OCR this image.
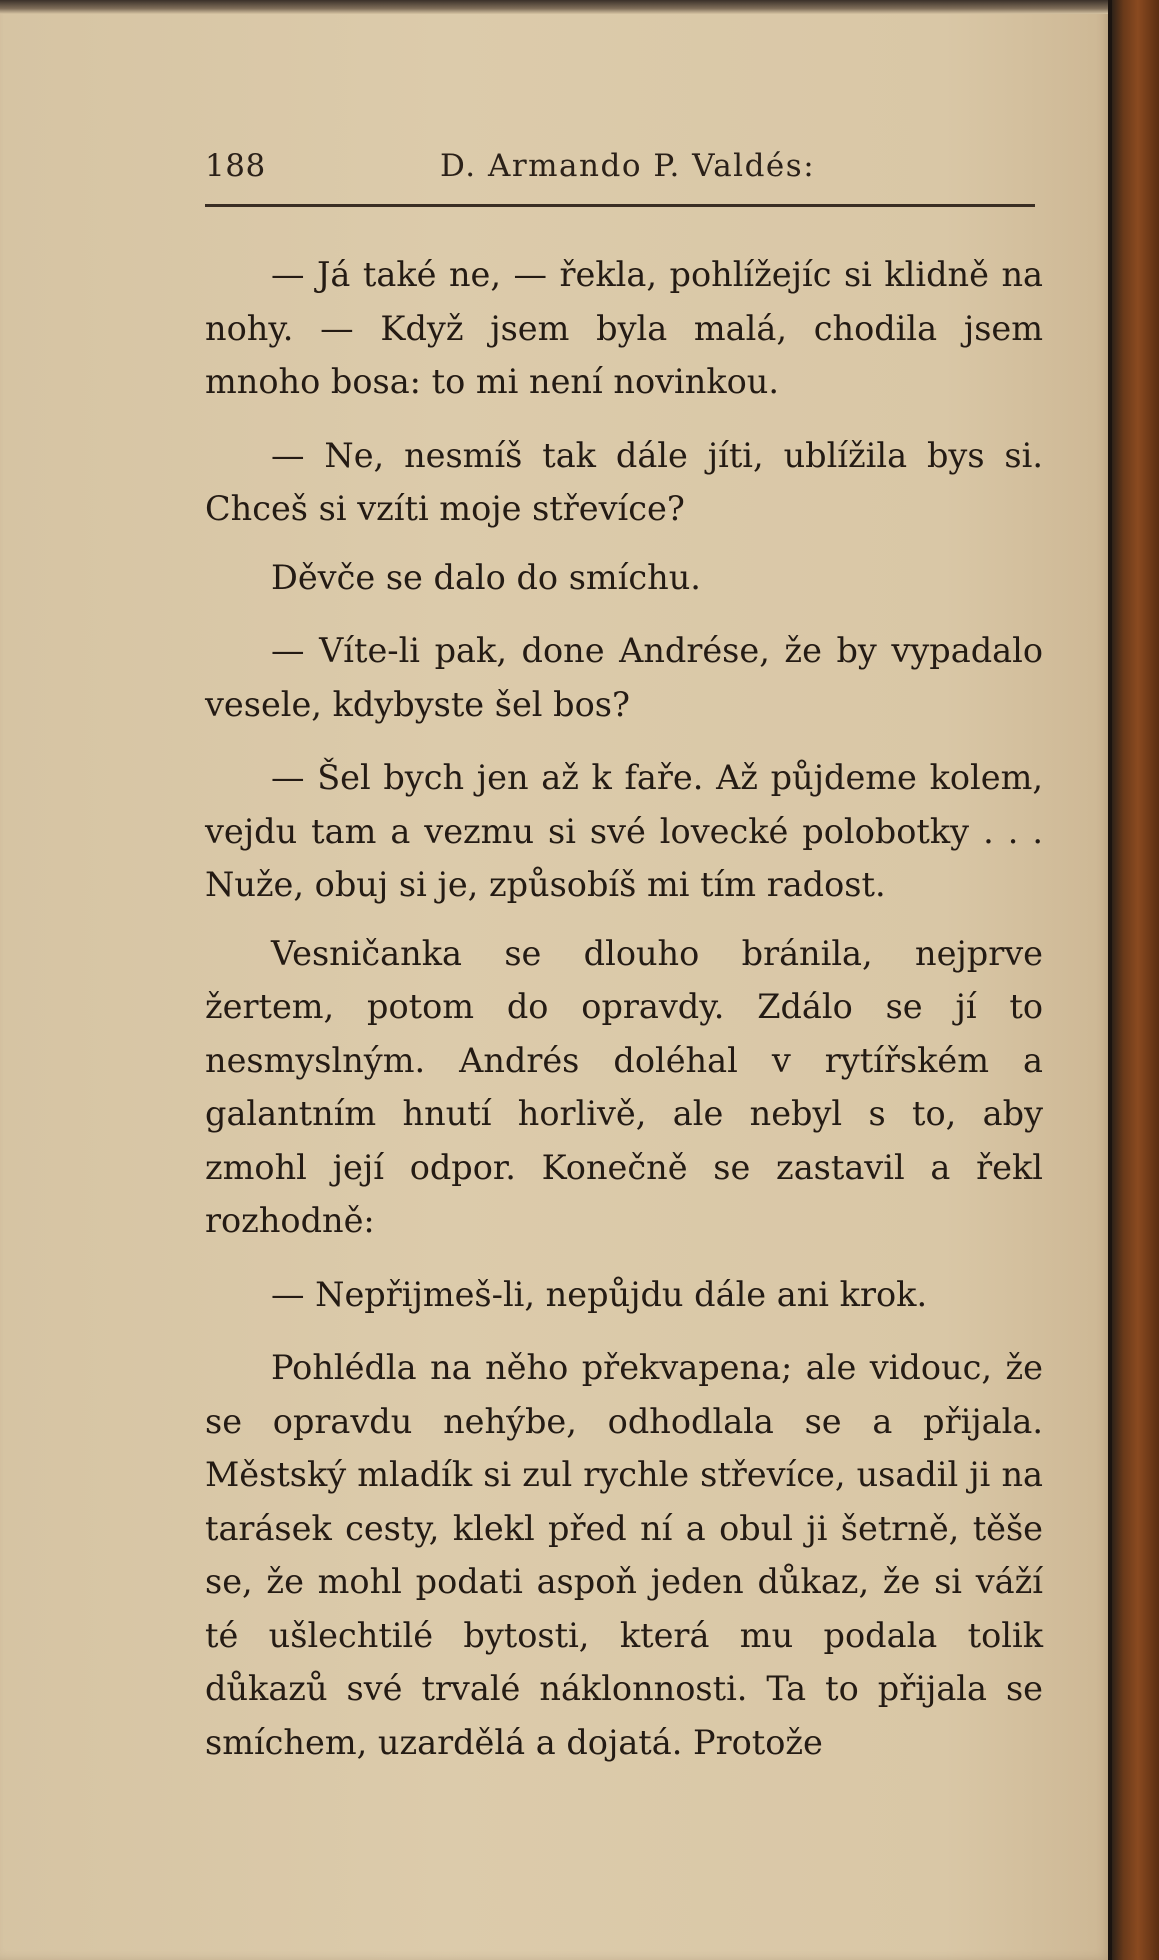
188	D. Armando P. Valdés:

— Já také ne, — řekla, pohlížejíc si klidně na nohy. — Když jsem byla malá, chodila jsem mnoho bosa: to mi není novinkou.

— Ne, nesmíš tak dále jíti, ublížila bys si. Chceš si vzíti moje střevíce?

Děvče se dalo do smíchu.

— Víte-li pak, done Andrése, že by vypadalo vesele, kdybyste šel bos?

— Šel bych jen až k faře. Až půjdeme kolem, vejdu tam a vezmu si své lovecké polobotky . . . Nuže, obuj si je, způsobíš mi tím radost.

Vesničanka se dlouho bránila, nejprve žertem, potom do opravdy. Zdálo se jí to nesmyslným. Andrés doléhal v rytířském a galantním hnutí horlivě, ale nebyl s to, aby zmohl její odpor. Konečně se zastavil a řekl rozhodně:

— Nepřijmeš-li, nepůjdu dále ani krok.

Pohlédla na něho překvapena; ale vidouc, že se opravdu nehýbe, odhodlala se a přijala. Městský mladík si zul rychle střevíce, usadil ji na tarásek cesty, klekl před ní a obul ji šetrně, těše se, že mohl podati aspoň jeden důkaz, že si váží té ušlechtilé bytosti, která mu podala tolik důkazů své trvalé náklonnosti. Ta to přijala se smíchem, uzardělá a dojatá. Protože
